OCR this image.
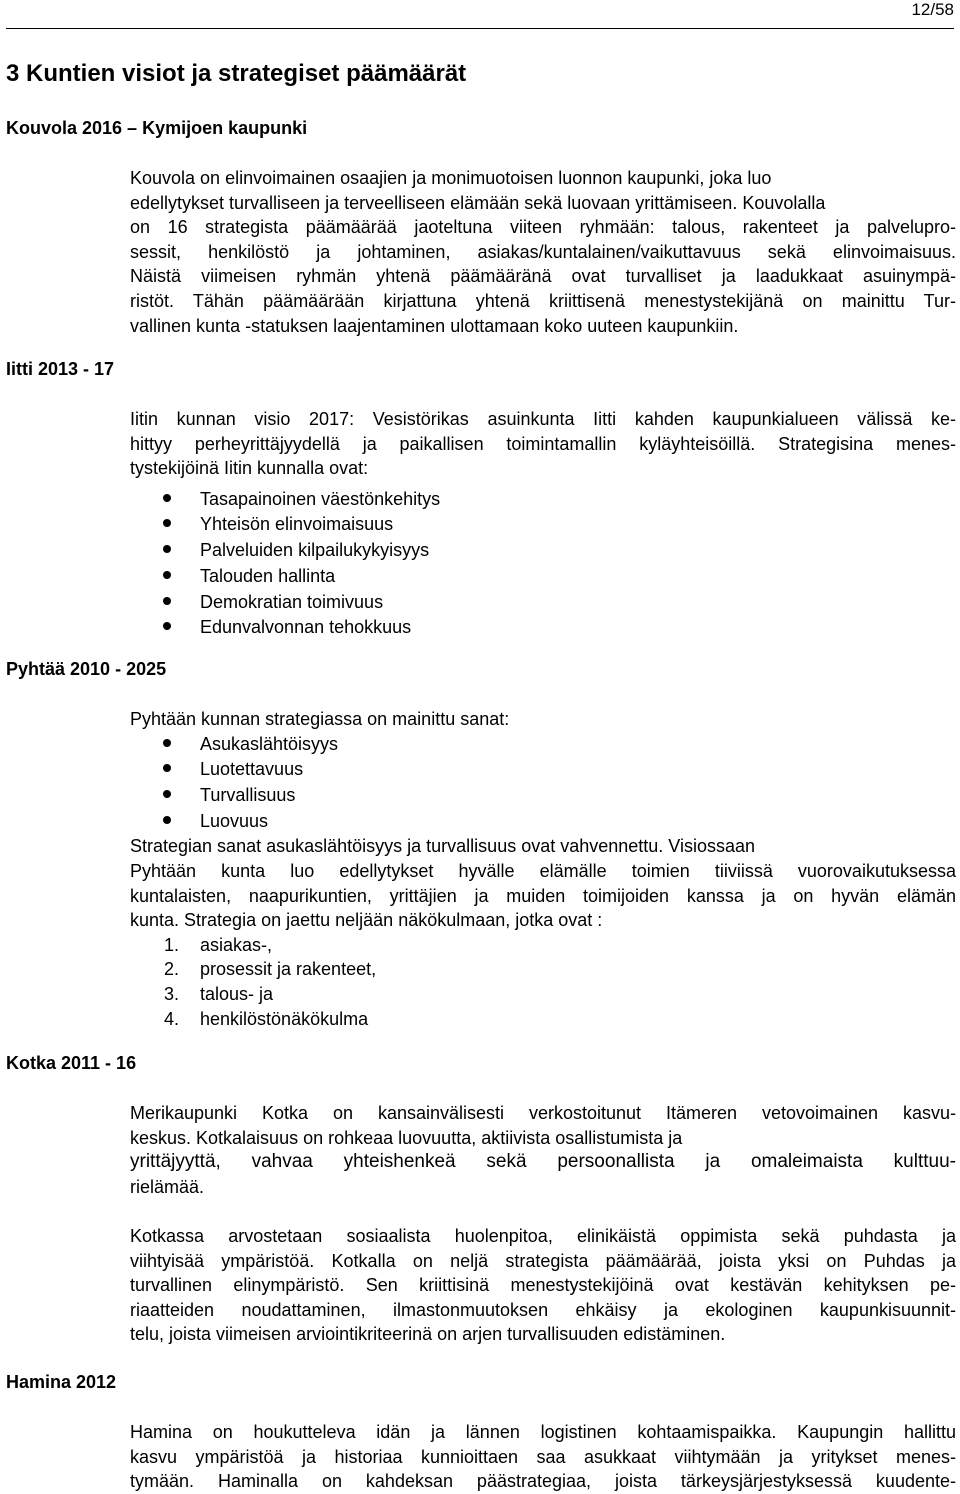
12/58
3 Kuntien visiot ja strategiset päämäärät
Kouvola 2016 – Kymijoen kaupunki
Kouvola on elinvoimainen osaajien ja monimuotoisen luonnon kaupunki, joka luo
edellytykset turvalliseen ja terveelliseen elämään sekä luovaan yrittämiseen. Kouvolalla
on 16 strategista päämäärää jaoteltuna viiteen ryhmään: talous, rakenteet ja palvelupro-
sessit, henkilöstö ja johtaminen, asiakas/kuntalainen/vaikuttavuus sekä elinvoimaisuus.
Näistä viimeisen ryhmän yhtenä päämääränä ovat turvalliset ja laadukkaat asuinympä-
ristöt. Tähän päämäärään kirjattuna yhtenä kriittisenä menestystekijänä on mainittu Tur-
vallinen kunta -statuksen laajentaminen ulottamaan koko uuteen kaupunkiin.
Iitti 2013 - 17
Iitin kunnan visio 2017: Vesistörikas asuinkunta Iitti kahden kaupunkialueen välissä ke-
hittyy perheyrittäjyydellä ja paikallisen toimintamallin kyläyhteisöillä. Strategisina menes-
tystekijöinä Iitin kunnalla ovat:
Tasapainoinen väestönkehitys
Yhteisön elinvoimaisuus
Palveluiden kilpailukykyisyys
Talouden hallinta
Demokratian toimivuus
Edunvalvonnan tehokkuus
Pyhtää 2010 - 2025
Pyhtään kunnan strategiassa on mainittu sanat:
Asukaslähtöisyys
Luotettavuus
Turvallisuus
Luovuus
Strategian sanat asukaslähtöisyys ja turvallisuus ovat vahvennettu. Visiossaan
Pyhtään kunta luo edellytykset hyvälle elämälle toimien tiiviissä vuorovaikutuksessa
kuntalaisten, naapurikuntien, yrittäjien ja muiden toimijoiden kanssa ja on hyvän elämän
kunta. Strategia on jaettu neljään näkökulmaan, jotka ovat :
1. asiakas-,
2. prosessit ja rakenteet,
3. talous- ja
4. henkilöstönäkökulma
Kotka 2011 - 16
Merikaupunki Kotka on kansainvälisesti verkostoitunut Itämeren vetovoimainen kasvu-
keskus. Kotkalaisuus on rohkeaa luovuutta, aktiivista osallistumista ja
yrittäjyyttä, vahvaa yhteishenkeä sekä persoonallista ja omaleimaista kulttuu-
rielämää.
Kotkassa arvostetaan sosiaalista huolenpitoa, elinikäistä oppimista sekä puhdasta ja
viihtyisää ympäristöä. Kotkalla on neljä strategista päämäärää, joista yksi on Puhdas ja
turvallinen elinympäristö. Sen kriittisinä menestystekijöinä ovat kestävän kehityksen pe-
riaatteiden noudattaminen, ilmastonmuutoksen ehkäisy ja ekologinen kaupunkisuunnit-
telu, joista viimeisen arviointikriteerinä on arjen turvallisuuden edistäminen.
Hamina 2012
Hamina on houkutteleva idän ja lännen logistinen kohtaamispaikka. Kaupungin hallittu
kasvu ympäristöä ja historiaa kunnioittaen saa asukkaat viihtymään ja yritykset menes-
tymään. Haminalla on kahdeksan päästrategiaa, joista tärkeysjärjestyksessä kuudente-
